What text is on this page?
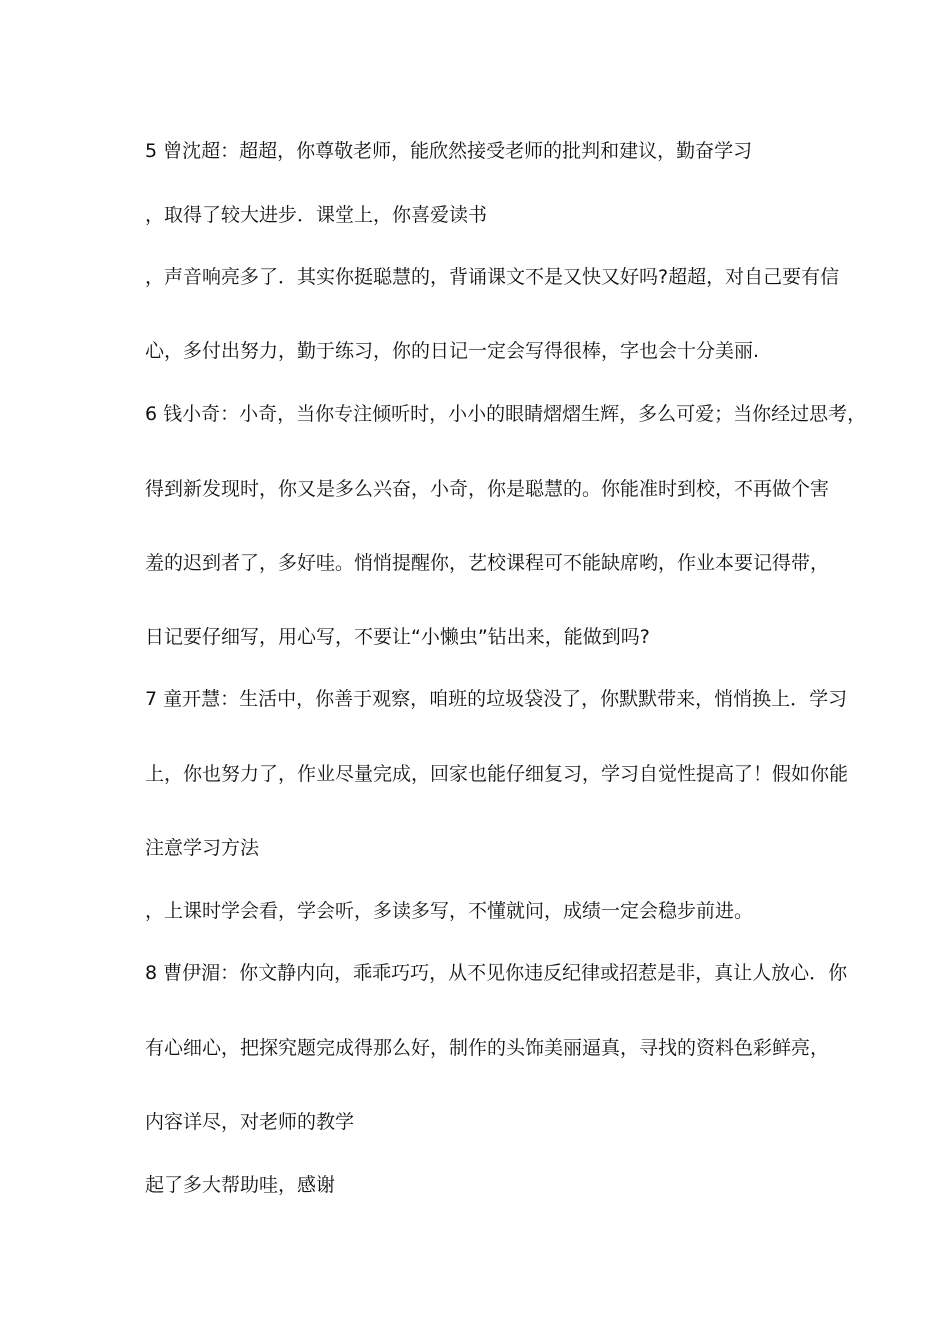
5 曾沈超：超超，你尊敬老师，能欣然接受老师的批判和建议，勤奋学习
，取得了较大进步．课堂上，你喜爱读书
，声音响亮多了．其实你挺聪慧的，背诵课文不是又快又好吗?超超，对自己要有信
心，多付出努力，勤于练习，你的日记一定会写得很棒，字也会十分美丽.
6 钱小奇：小奇，当你专注倾听时，小小的眼睛熠熠生辉，多么可爱；当你经过思考，
得到新发现时，你又是多么兴奋，小奇，你是聪慧的。你能准时到校，不再做个害
羞的迟到者了，多好哇。悄悄提醒你，艺校课程可不能缺席哟，作业本要记得带，
日记要仔细写，用心写，不要让“小懒虫”钻出来，能做到吗?
7 童开慧：生活中，你善于观察，咱班的垃圾袋没了，你默默带来，悄悄换上．学习
上，你也努力了，作业尽量完成，回家也能仔细复习，学习自觉性提高了！假如你能
注意学习方法
，上课时学会看，学会听，多读多写，不懂就问，成绩一定会稳步前进。
8 曹伊湄：你文静内向，乖乖巧巧，从不见你违反纪律或招惹是非，真让人放心．你
有心细心，把探究题完成得那么好，制作的头饰美丽逼真，寻找的资料色彩鲜亮，
内容详尽，对老师的教学
起了多大帮助哇，感谢
